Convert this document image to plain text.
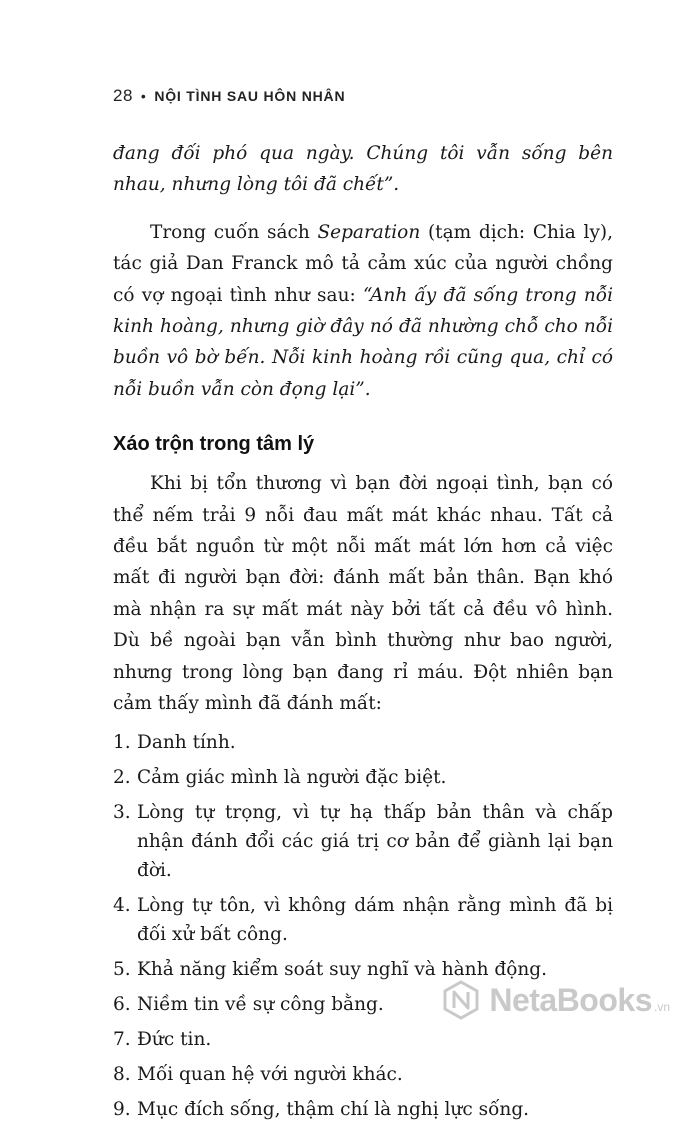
28 • NỘI TÌNH SAU HÔN NHÂN

đang đối phó qua ngày. Chúng tôi vẫn sống bên nhau, nhưng lòng tôi đã chết”.

Trong cuốn sách Separation (tạm dịch: Chia ly), tác giả Dan Franck mô tả cảm xúc của người chồng có vợ ngoại tình như sau: “Anh ấy đã sống trong nỗi kinh hoàng, nhưng giờ đây nó đã nhường chỗ cho nỗi buồn vô bờ bến. Nỗi kinh hoàng rồi cũng qua, chỉ có nỗi buồn vẫn còn đọng lại”.

Xáo trộn trong tâm lý

Khi bị tổn thương vì bạn đời ngoại tình, bạn có thể nếm trải 9 nỗi đau mất mát khác nhau. Tất cả đều bắt nguồn từ một nỗi mất mát lớn hơn cả việc mất đi người bạn đời: đánh mất bản thân. Bạn khó mà nhận ra sự mất mát này bởi tất cả đều vô hình. Dù bề ngoài bạn vẫn bình thường như bao người, nhưng trong lòng bạn đang rỉ máu. Đột nhiên bạn cảm thấy mình đã đánh mất:

1. Danh tính.
2. Cảm giác mình là người đặc biệt.
3. Lòng tự trọng, vì tự hạ thấp bản thân và chấp nhận đánh đổi các giá trị cơ bản để giành lại bạn đời.
4. Lòng tự tôn, vì không dám nhận rằng mình đã bị đối xử bất công.
5. Khả năng kiểm soát suy nghĩ và hành động.
6. Niềm tin về sự công bằng.
7. Đức tin.
8. Mối quan hệ với người khác.
9. Mục đích sống, thậm chí là nghị lực sống.
NetaBooks .vn
